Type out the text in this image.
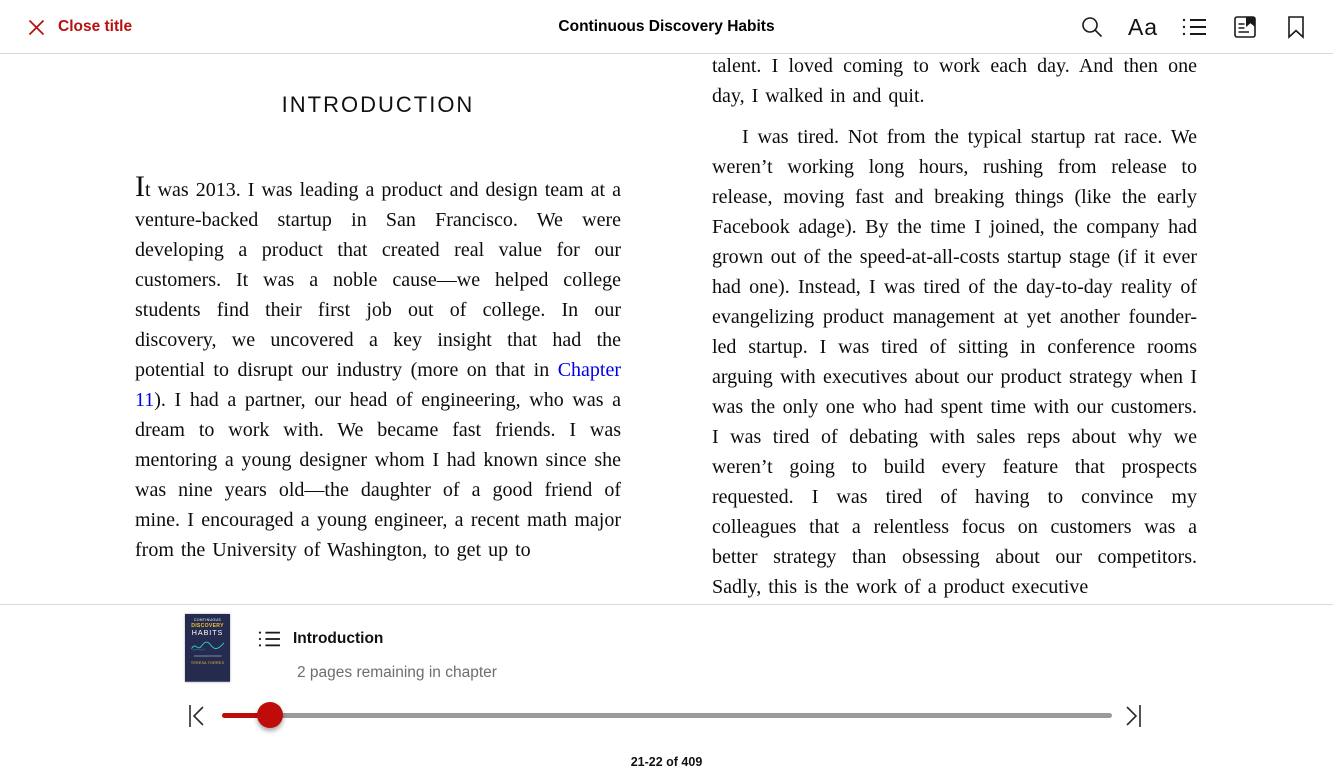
Close title	Continuous Discovery Habits	Aa
INTRODUCTION

It was 2013. I was leading a product and design team at a venture-backed startup in San Francisco. We were developing a product that created real value for our customers. It was a noble cause—we helped college students find their first job out of college. In our discovery, we uncovered a key insight that had the potential to disrupt our industry (more on that in Chapter 11). I had a partner, our head of engineering, who was a dream to work with. We became fast friends. I was mentoring a young designer whom I had known since she was nine years old—the daughter of a good friend of mine. I encouraged a young engineer, a recent math major from the University of Washington, to get up to

talent. I loved coming to work each day. And then one day, I walked in and quit.

I was tired. Not from the typical startup rat race. We weren’t working long hours, rushing from release to release, moving fast and breaking things (like the early Facebook adage). By the time I joined, the company had grown out of the speed-at-all-costs startup stage (if it ever had one). Instead, I was tired of the day-to-day reality of evangelizing product management at yet another founder-led startup. I was tired of sitting in conference rooms arguing with executives about our product strategy when I was the only one who had spent time with our customers. I was tired of debating with sales reps about why we weren’t going to build every feature that prospects requested. I was tired of having to convince my colleagues that a relentless focus on customers was a better strategy than obsessing about our competitors. Sadly, this is the work of a product executive

CONTINUOUS
DISCOVERY
HABITS
TERESA TORRES
Introduction
2 pages remaining in chapter
21-22 of 409
